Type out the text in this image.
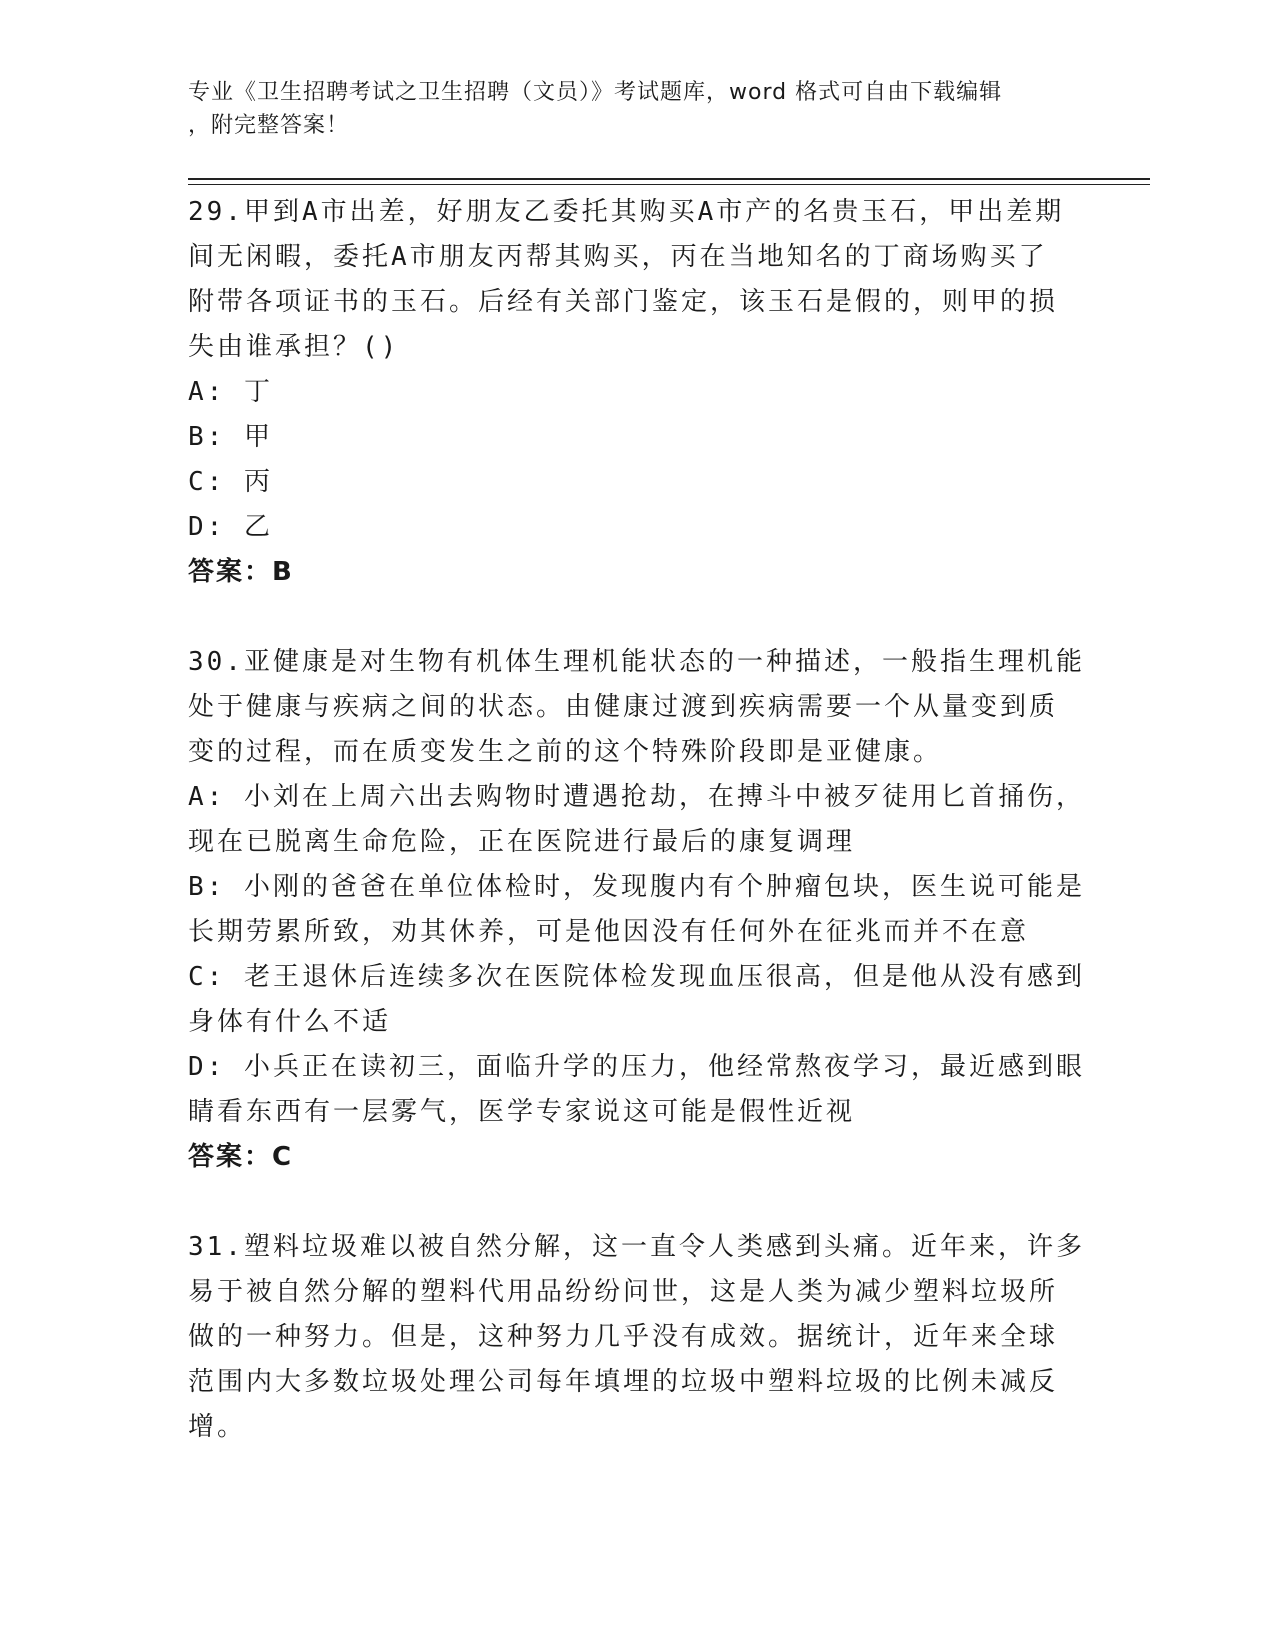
专业《卫生招聘考试之卫生招聘（文员）》考试题库，word 格式可自由下载编辑
，附完整答案！
29.甲到A市出差，好朋友乙委托其购买A市产的名贵玉石，甲出差期
间无闲暇，委托A市朋友丙帮其购买，丙在当地知名的丁商场购买了
附带各项证书的玉石。后经有关部门鉴定，该玉石是假的，则甲的损
失由谁承担？()
A: 丁
B: 甲
C: 丙
D: 乙
答案：B
30.亚健康是对生物有机体生理机能状态的一种描述，一般指生理机能
处于健康与疾病之间的状态。由健康过渡到疾病需要一个从量变到质
变的过程，而在质变发生之前的这个特殊阶段即是亚健康。
A: 小刘在上周六出去购物时遭遇抢劫，在搏斗中被歹徒用匕首捅伤，
现在已脱离生命危险，正在医院进行最后的康复调理
B: 小刚的爸爸在单位体检时，发现腹内有个肿瘤包块，医生说可能是
长期劳累所致，劝其休养，可是他因没有任何外在征兆而并不在意
C: 老王退休后连续多次在医院体检发现血压很高，但是他从没有感到
身体有什么不适
D: 小兵正在读初三，面临升学的压力，他经常熬夜学习，最近感到眼
睛看东西有一层雾气，医学专家说这可能是假性近视
答案：C
31.塑料垃圾难以被自然分解，这一直令人类感到头痛。近年来，许多
易于被自然分解的塑料代用品纷纷问世，这是人类为减少塑料垃圾所
做的一种努力。但是，这种努力几乎没有成效。据统计，近年来全球
范围内大多数垃圾处理公司每年填埋的垃圾中塑料垃圾的比例未减反
增。
